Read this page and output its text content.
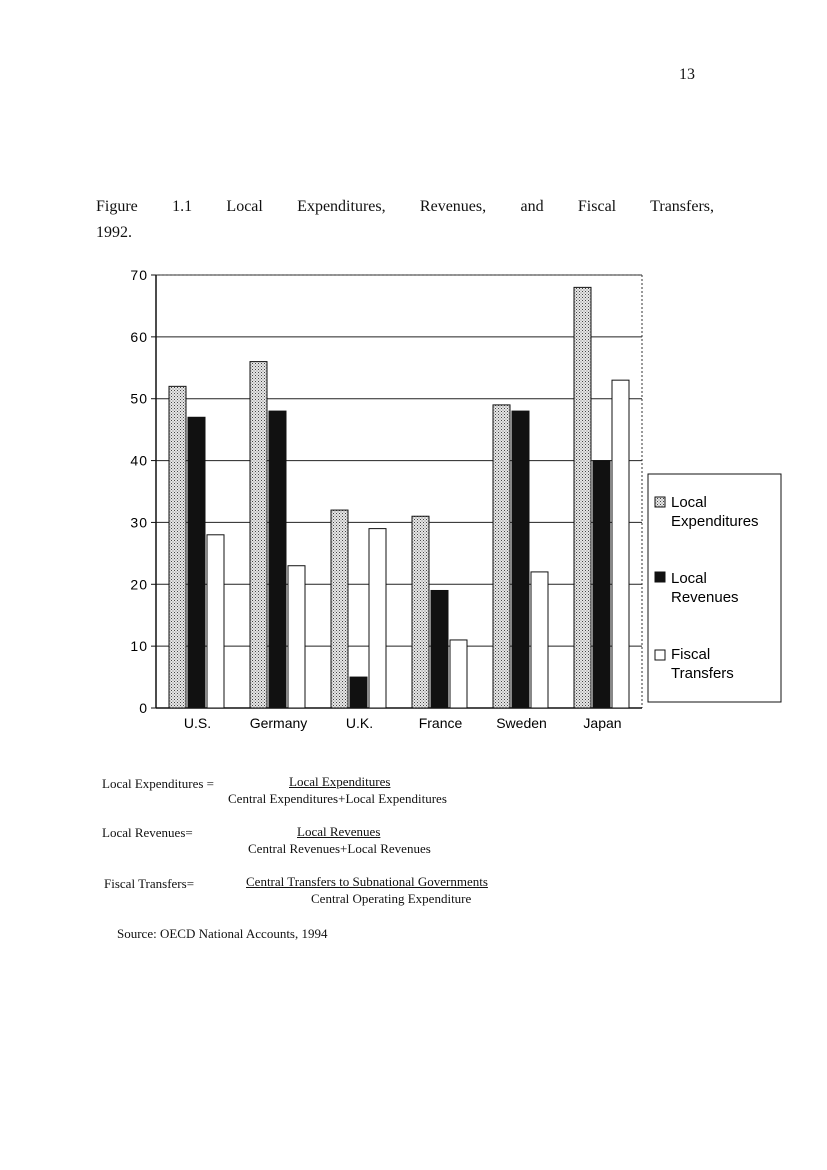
13
Figure 1.1 Local Expenditures, Revenues, and Fiscal Transfers,
1992.
0
10
20
30
40
50
60
70
U.S.	Germany	U.K.	France Sweden	Japan
Local
Expenditures
Local
Revenues
Fiscal
Transfers
Local Expenditures =	Local Expenditures
Central Expenditures+Local Expenditures
Local Revenues=	Local Revenues
Central Revenues+Local Revenues
Fiscal Transfers=	Central Transfers to Subnational Governments
Central Operating Expenditure
Source: OECD National Accounts, 1994
